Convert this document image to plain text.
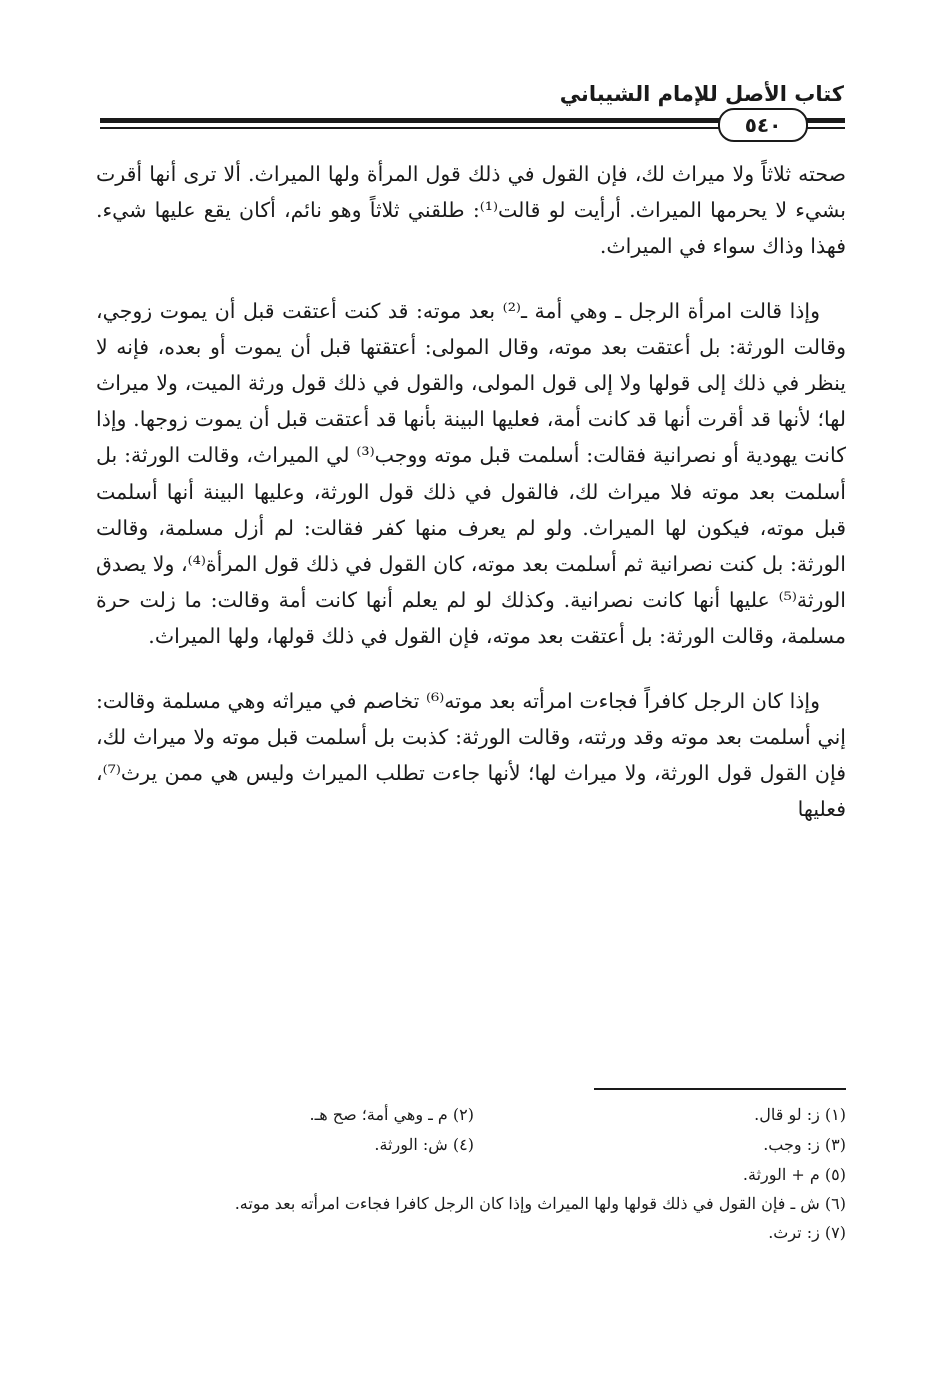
كتاب الأصل للإمام الشيباني
٥٤٠

صحته ثلاثاً ولا ميراث لك، فإن القول في ذلك قول المرأة ولها الميراث. ألا ترى أنها أقرت بشيء لا يحرمها الميراث. أرأيت لو قالت⁽¹⁾: طلقني ثلاثاً وهو نائم، أكان يقع عليها شيء. فهذا وذاك سواء في الميراث.

وإذا قالت امرأة الرجل ـ وهي أمة ـ⁽²⁾ بعد موته: قد كنت أعتقت قبل أن يموت زوجي، وقالت الورثة: بل أعتقت بعد موته، وقال المولى: أعتقتها قبل أن يموت أو بعده، فإنه لا ينظر في ذلك إلى قولها ولا إلى قول المولى، والقول في ذلك قول ورثة الميت، ولا ميراث لها؛ لأنها قد أقرت أنها قد كانت أمة، فعليها البينة بأنها قد أعتقت قبل أن يموت زوجها. وإذا كانت يهودية أو نصرانية فقالت: أسلمت قبل موته ووجب⁽³⁾ لي الميراث، وقالت الورثة: بل أسلمت بعد موته فلا ميراث لك، فالقول في ذلك قول الورثة، وعليها البينة أنها أسلمت قبل موته، فيكون لها الميراث. ولو لم يعرف منها كفر فقالت: لم أزل مسلمة، وقالت الورثة: بل كنت نصرانية ثم أسلمت بعد موته، كان القول في ذلك قول المرأة⁽⁴⁾، ولا يصدق الورثة⁽⁵⁾ عليها أنها كانت نصرانية. وكذلك لو لم يعلم أنها كانت أمة وقالت: ما زلت حرة مسلمة، وقالت الورثة: بل أعتقت بعد موته، فإن القول في ذلك قولها، ولها الميراث.

وإذا كان الرجل كافراً فجاءت امرأته بعد موته⁽⁶⁾ تخاصم في ميراثه وهي مسلمة وقالت: إني أسلمت بعد موته وقد ورثته، وقالت الورثة: كذبت بل أسلمت قبل موته ولا ميراث لك، فإن القول قول الورثة، ولا ميراث لها؛ لأنها جاءت تطلب الميراث وليس هي ممن يرث⁽⁷⁾، فعليها

(١) ز: لو قال.
(٢) م ـ وهي أمة؛ صح هـ.
(٣) ز: وجب.
(٤) ش: الورثة.
(٥) م + الورثة.
(٦) ش ـ فإن القول في ذلك قولها ولها الميراث وإذا كان الرجل كافرا فجاءت امرأته بعد موته.
(٧) ز: ترث.
